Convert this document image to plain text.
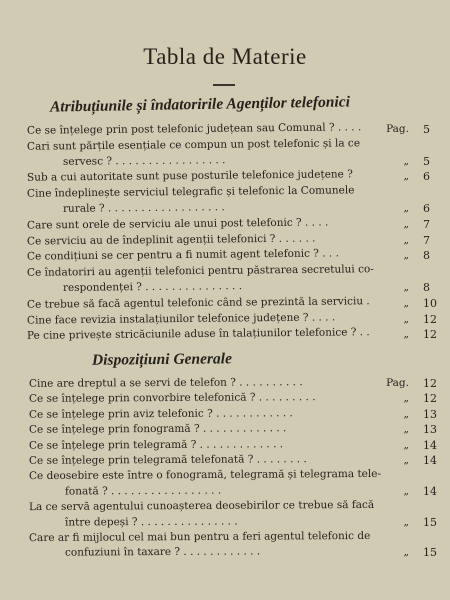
Tabla de Materie
Atribuțiunile și îndatoririle Agenților telefonici
Ce se înțelege prin post telefonic județean sau Comunal ? . . . .	Pag. 5
Cari sunt părțile esențiale ce compun un post telefonic și la ce
servesc ? . . . . . . . . . . . . . . . . .	„ 5
Sub a cui autoritate sunt puse posturile telefonice județene ?	„ 6
Cine îndeplinește serviciul telegrafic și telefonic la Comunele
rurale ? . . . . . . . . . . . . . . . . . .	„ 6
Care sunt orele de serviciu ale unui post telefonic ? . . . .	„ 7
Ce serviciu au de îndeplinit agenții telefonici ? . . . . . .	„ 7
Ce condițiuni se cer pentru a fi numit agent telefonic ? . . .	„ 8
Ce îndatoriri au agenții telefonici pentru păstrarea secretului co-
respondenței ? . . . . . . . . . . . . . . .	„ 8
Ce trebue să facă agentul telefonic când se prezintă la serviciu .	„ 10
Cine face revizia instalațiunilor telefonice județene ? . . . .	„ 12
Pe cine privește stricăciunile aduse în talațiunilor telefonice ? . .	„ 12
Dispozițiuni Generale
Cine are dreptul a se servi de telefon ? . . . . . . . . . .	Pag. 12
Ce se înțelege prin convorbire telefonică ? . . . . . . . . .	„ 12
Ce se înțelege prin aviz telefonic ? . . . . . . . . . . . .	„ 13
Ce se înțelege prin fonogramă ? . . . . . . . . . . . . .	„ 13
Ce se înțelege prin telegramă ? . . . . . . . . . . . . .	„ 14
Ce se înțelege prin telegramă telefonată ? . . . . . . . .	„ 14
Ce deosebire este între o fonogramă, telegramă și telegrama tele-
fonată ? . . . . . . . . . . . . . . . . .	„ 14
La ce servă agentului cunoașterea deosebirilor ce trebue să facă
între depeși ? . . . . . . . . . . . . . . .	„ 15
Care ar fi mijlocul cel mai bun pentru a feri agentul telefonic de
confuziuni în taxare ? . . . . . . . . . . . .	„ 15
